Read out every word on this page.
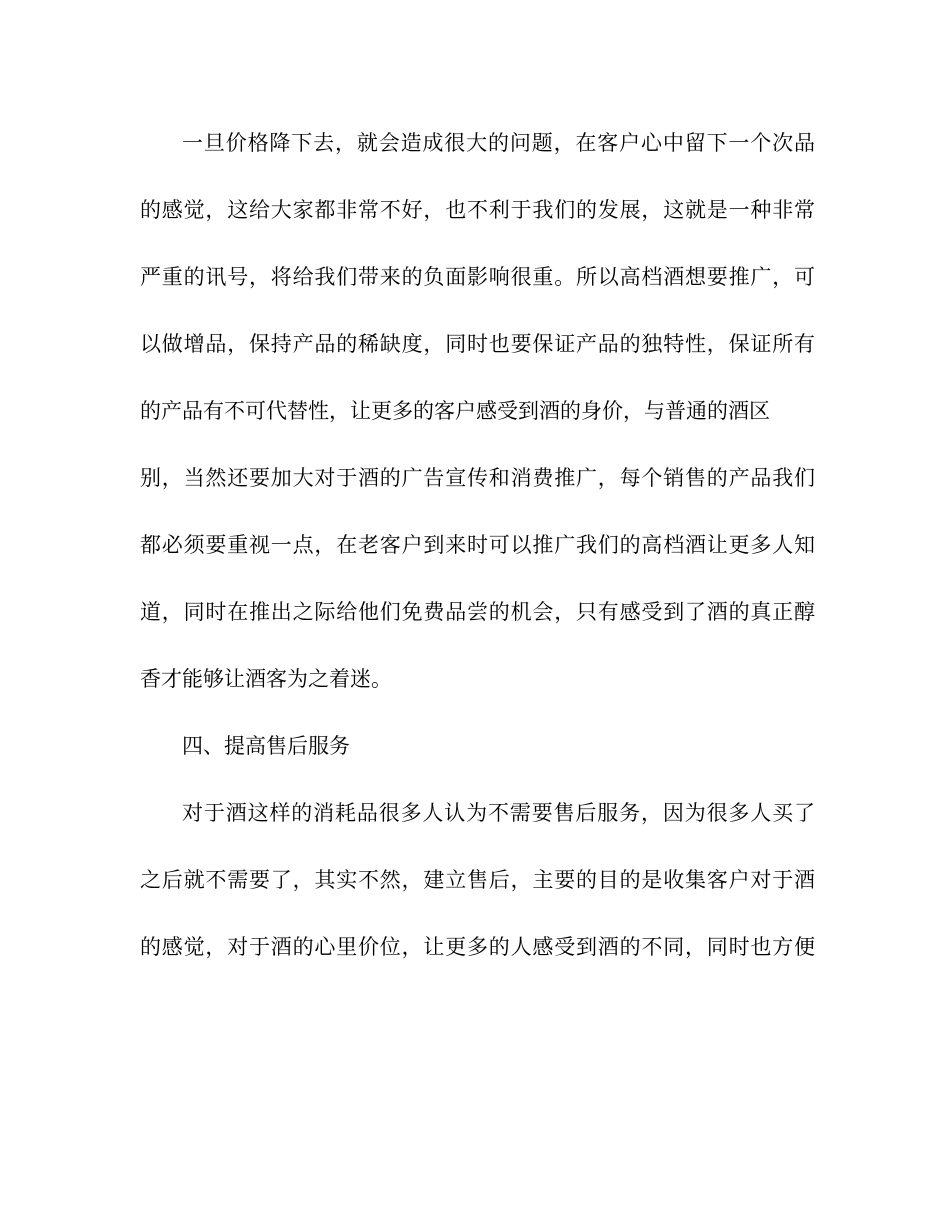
一旦价格降下去，就会造成很大的问题，在客户心中留下一个次品
的感觉，这给大家都非常不好，也不利于我们的发展，这就是一种非常
严重的讯号，将给我们带来的负面影响很重。所以高档酒想要推广，可
以做增品，保持产品的稀缺度，同时也要保证产品的独特性，保证所有
的产品有不可代替性，让更多的客户感受到酒的身价，与普通的酒区
别，当然还要加大对于酒的广告宣传和消费推广，每个销售的产品我们
都必须要重视一点，在老客户到来时可以推广我们的高档酒让更多人知
道，同时在推出之际给他们免费品尝的机会，只有感受到了酒的真正醇
香才能够让酒客为之着迷。
四、提高售后服务
对于酒这样的消耗品很多人认为不需要售后服务，因为很多人买了
之后就不需要了，其实不然，建立售后，主要的目的是收集客户对于酒
的感觉，对于酒的心里价位，让更多的人感受到酒的不同，同时也方便
